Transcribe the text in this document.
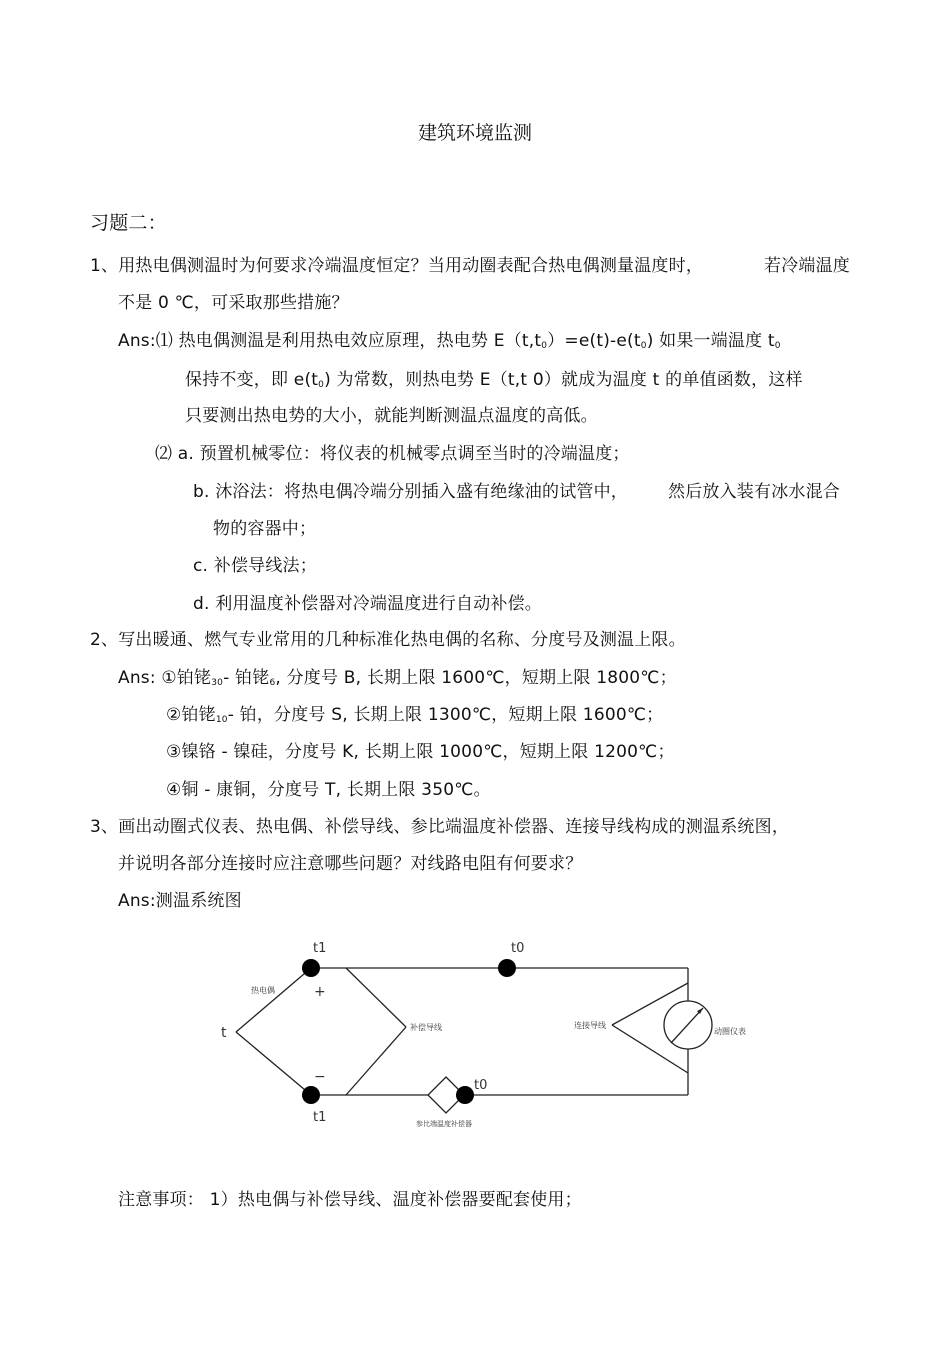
建筑环境监测
习题二：
1、用热电偶测温时为何要求冷端温度恒定？当用动圈表配合热电偶测量温度时，	若冷端温度
不是 0 ℃，可采取那些措施？
Ans:⑴ 热电偶测温是利用热电效应原理，热电势 $E(t,t_0)=e(t)-e(t_0)$ 如果一端温度 $t_0$
保持不变，即 $e(t_0)$ 为常数，则热电势 E（t,t 0）就成为温度 t 的单值函数，这样
只要测出热电势的大小，就能判断测温点温度的高低。
⑵ a. 预置机械零位：将仪表的机械零点调至当时的冷端温度；
b. 沐浴法：将热电偶冷端分别插入盛有绝缘油的试管中， 然后放入装有冰水混合
物的容器中；
c. 补偿导线法；
d. 利用温度补偿器对冷端温度进行自动补偿。
2、写出暖通、燃气专业常用的几种标准化热电偶的名称、分度号及测温上限。
Ans: ①铂铑$_{30}$- 铂铑$_6$, 分度号 B, 长期上限 1600℃，短期上限 1800℃；
②铂铑$_{10}$- 铂，分度号 S, 长期上限 1300℃，短期上限 1600℃；
③镍铬 - 镍硅，分度号 K, 长期上限 1000℃，短期上限 1200℃；
④铜 - 康铜，分度号 T, 长期上限 350℃。
3、画出动圈式仪表、热电偶、补偿导线、参比端温度补偿器、连接导线构成的测温系统图，
并说明各部分连接时应注意哪些问题？对线路电阻有何要求？
Ans:测温系统图
t1
t1
t0
t0
t
+
−
热电偶
补偿导线	连接导线
动圈仪表
参比端温度补偿器
注意事项： 1）热电偶与补偿导线、温度补偿器要配套使用；
